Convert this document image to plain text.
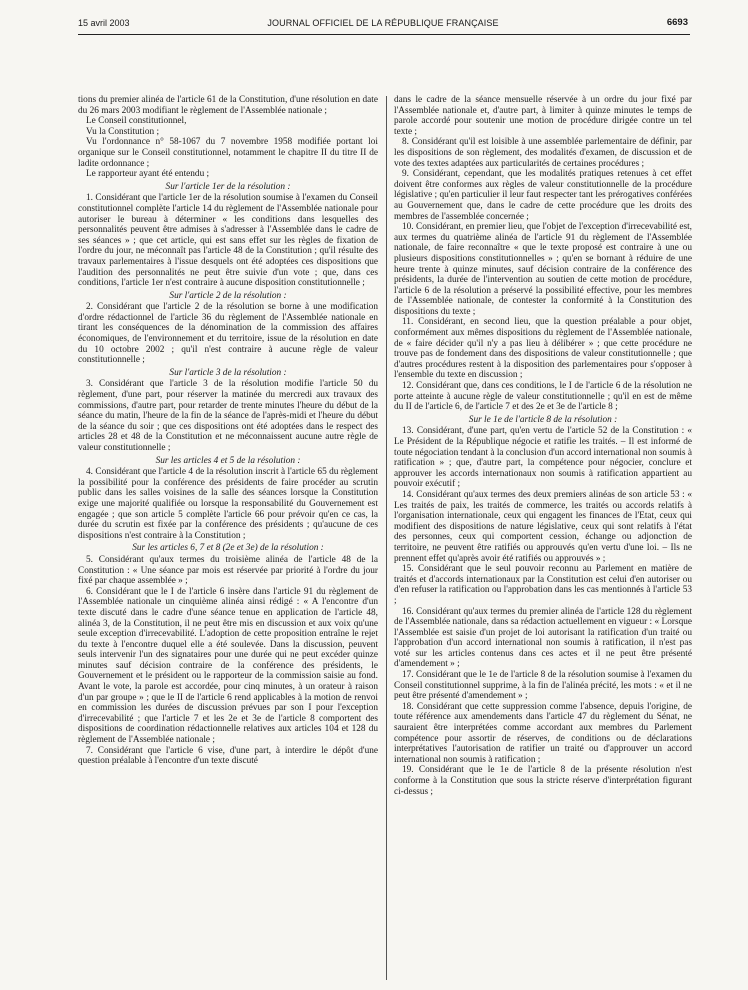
15 avril 2003	JOURNAL OFFICIEL DE LA RÉPUBLIQUE FRANÇAISE	6693

tions du premier alinéa de l'article 61 de la Constitution, d'une résolution en date du 26 mars 2003 modifiant le règlement de l'Assemblée nationale ;

Le Conseil constitutionnel,

Vu la Constitution ;

Vu l'ordonnance n° 58-1067 du 7 novembre 1958 modifiée portant loi organique sur le Conseil constitutionnel, notamment le chapitre II du titre II de ladite ordonnance ;

Le rapporteur ayant été entendu ;

Sur l'article 1er de la résolution :

1. Considérant que l'article 1er de la résolution soumise à l'examen du Conseil constitutionnel complète l'article 14 du règlement de l'Assemblée nationale pour autoriser le bureau à déterminer « les conditions dans lesquelles des personnalités peuvent être admises à s'adresser à l'Assemblée dans le cadre de ses séances » ; que cet article, qui est sans effet sur les règles de fixation de l'ordre du jour, ne méconnaît pas l'article 48 de la Constitution ; qu'il résulte des travaux parlementaires à l'issue desquels ont été adoptées ces dispositions que l'audition des personnalités ne peut être suivie d'un vote ; que, dans ces conditions, l'article 1er n'est contraire à aucune disposition constitutionnelle ;

Sur l'article 2 de la résolution :

2. Considérant que l'article 2 de la résolution se borne à une modification d'ordre rédactionnel de l'article 36 du règlement de l'Assemblée nationale en tirant les conséquences de la dénomination de la commission des affaires économiques, de l'environnement et du territoire, issue de la résolution en date du 10 octobre 2002 ; qu'il n'est contraire à aucune règle de valeur constitutionnelle ;

Sur l'article 3 de la résolution :

3. Considérant que l'article 3 de la résolution modifie l'article 50 du règlement, d'une part, pour réserver la matinée du mercredi aux travaux des commissions, d'autre part, pour retarder de trente minutes l'heure du début de la séance du matin, l'heure de la fin de la séance de l'après-midi et l'heure du début de la séance du soir ; que ces dispositions ont été adoptées dans le respect des articles 28 et 48 de la Constitution et ne méconnaissent aucune autre règle de valeur constitutionnelle ;

Sur les articles 4 et 5 de la résolution :

4. Considérant que l'article 4 de la résolution inscrit à l'article 65 du règlement la possibilité pour la conférence des présidents de faire procéder au scrutin public dans les salles voisines de la salle des séances lorsque la Constitution exige une majorité qualifiée ou lorsque la responsabilité du Gouvernement est engagée ; que son article 5 complète l'article 66 pour prévoir qu'en ce cas, la durée du scrutin est fixée par la conférence des présidents ; qu'aucune de ces dispositions n'est contraire à la Constitution ;

Sur les articles 6, 7 et 8 (2e et 3e) de la résolution :

5. Considérant qu'aux termes du troisième alinéa de l'article 48 de la Constitution : « Une séance par mois est réservée par priorité à l'ordre du jour fixé par chaque assemblée » ;

6. Considérant que le I de l'article 6 insère dans l'article 91 du règlement de l'Assemblée nationale un cinquième alinéa ainsi rédigé : « A l'encontre d'un texte discuté dans le cadre d'une séance tenue en application de l'article 48, alinéa 3, de la Constitution, il ne peut être mis en discussion et aux voix qu'une seule exception d'irrecevabilité. L'adoption de cette proposition entraîne le rejet du texte à l'encontre duquel elle a été soulevée. Dans la discussion, peuvent seuls intervenir l'un des signataires pour une durée qui ne peut excéder quinze minutes sauf décision contraire de la conférence des présidents, le Gouvernement et le président ou le rapporteur de la commission saisie au fond. Avant le vote, la parole est accordée, pour cinq minutes, à un orateur à raison d'un par groupe » ; que le II de l'article 6 rend applicables à la motion de renvoi en commission les durées de discussion prévues par son I pour l'exception d'irrecevabilité ; que l'article 7 et les 2e et 3e de l'article 8 comportent des dispositions de coordination rédactionnelle relatives aux articles 104 et 128 du règlement de l'Assemblée nationale ;

7. Considérant que l'article 6 vise, d'une part, à interdire le dépôt d'une question préalable à l'encontre d'un texte discuté

dans le cadre de la séance mensuelle réservée à un ordre du jour fixé par l'Assemblée nationale et, d'autre part, à limiter à quinze minutes le temps de parole accordé pour soutenir une motion de procédure dirigée contre un tel texte ;

8. Considérant qu'il est loisible à une assemblée parlementaire de définir, par les dispositions de son règlement, des modalités d'examen, de discussion et de vote des textes adaptées aux particularités de certaines procédures ;

9. Considérant, cependant, que les modalités pratiques retenues à cet effet doivent être conformes aux règles de valeur constitutionnelle de la procédure législative ; qu'en particulier il leur faut respecter tant les prérogatives conférées au Gouvernement que, dans le cadre de cette procédure que les droits des membres de l'assemblée concernée ;

10. Considérant, en premier lieu, que l'objet de l'exception d'irrecevabilité est, aux termes du quatrième alinéa de l'article 91 du règlement de l'Assemblée nationale, de faire reconnaître « que le texte proposé est contraire à une ou plusieurs dispositions constitutionnelles » ; qu'en se bornant à réduire de une heure trente à quinze minutes, sauf décision contraire de la conférence des présidents, la durée de l'intervention au soutien de cette motion de procédure, l'article 6 de la résolution a préservé la possibilité effective, pour les membres de l'Assemblée nationale, de contester la conformité à la Constitution des dispositions du texte ;

11. Considérant, en second lieu, que la question préalable a pour objet, conformément aux mêmes dispositions du règlement de l'Assemblée nationale, de « faire décider qu'il n'y a pas lieu à délibérer » ; que cette procédure ne trouve pas de fondement dans des dispositions de valeur constitutionnelle ; que d'autres procédures restent à la disposition des parlementaires pour s'opposer à l'ensemble du texte en discussion ;

12. Considérant que, dans ces conditions, le I de l'article 6 de la résolution ne porte atteinte à aucune règle de valeur constitutionnelle ; qu'il en est de même du II de l'article 6, de l'article 7 et des 2e et 3e de l'article 8 ;

Sur le 1e de l'article 8 de la résolution :

13. Considérant, d'une part, qu'en vertu de l'article 52 de la Constitution : « Le Président de la République négocie et ratifie les traités. – Il est informé de toute négociation tendant à la conclusion d'un accord international non soumis à ratification » ; que, d'autre part, la compétence pour négocier, conclure et approuver les accords internationaux non soumis à ratification appartient au pouvoir exécutif ;

14. Considérant qu'aux termes des deux premiers alinéas de son article 53 : « Les traités de paix, les traités de commerce, les traités ou accords relatifs à l'organisation internationale, ceux qui engagent les finances de l'Etat, ceux qui modifient des dispositions de nature législative, ceux qui sont relatifs à l'état des personnes, ceux qui comportent cession, échange ou adjonction de territoire, ne peuvent être ratifiés ou approuvés qu'en vertu d'une loi. – Ils ne prennent effet qu'après avoir été ratifiés ou approuvés » ;

15. Considérant que le seul pouvoir reconnu au Parlement en matière de traités et d'accords internationaux par la Constitution est celui d'en autoriser ou d'en refuser la ratification ou l'approbation dans les cas mentionnés à l'article 53 ;

16. Considérant qu'aux termes du premier alinéa de l'article 128 du règlement de l'Assemblée nationale, dans sa rédaction actuellement en vigueur : « Lorsque l'Assemblée est saisie d'un projet de loi autorisant la ratification d'un traité ou l'approbation d'un accord international non soumis à ratification, il n'est pas voté sur les articles contenus dans ces actes et il ne peut être présenté d'amendement » ;

17. Considérant que le 1e de l'article 8 de la résolution soumise à l'examen du Conseil constitutionnel supprime, à la fin de l'alinéa précité, les mots : « et il ne peut être présenté d'amendement » ;

18. Considérant que cette suppression comme l'absence, depuis l'origine, de toute référence aux amendements dans l'article 47 du règlement du Sénat, ne sauraient être interprétées comme accordant aux membres du Parlement compétence pour assortir de réserves, de conditions ou de déclarations interprétatives l'autorisation de ratifier un traité ou d'approuver un accord international non soumis à ratification ;

19. Considérant que le 1e de l'article 8 de la présente résolution n'est conforme à la Constitution que sous la stricte réserve d'interprétation figurant ci-dessus ;
